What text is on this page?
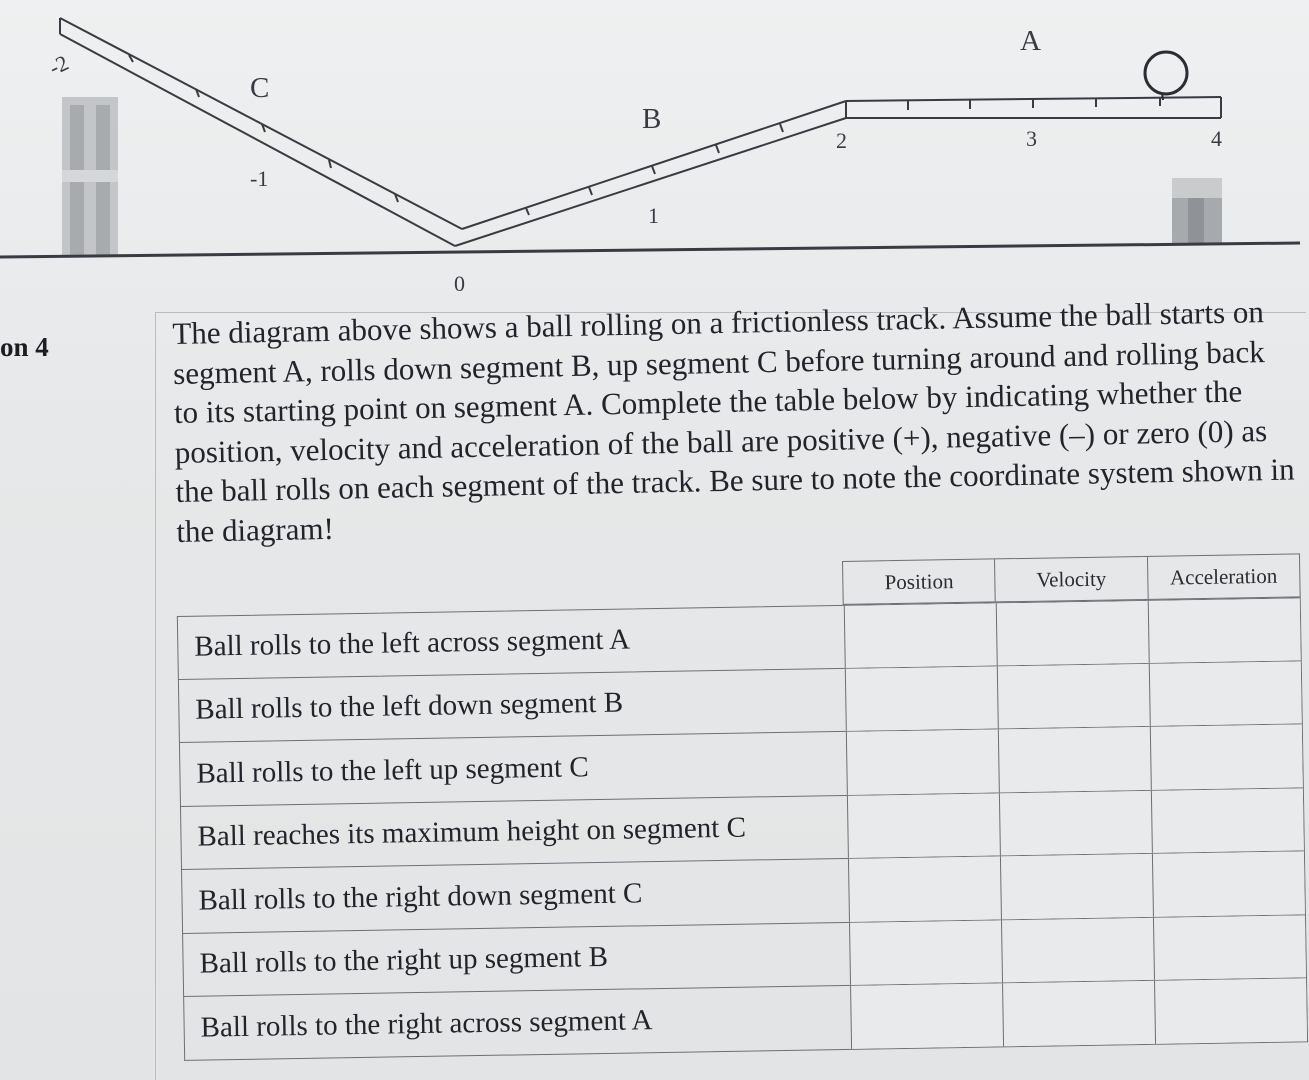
A
B
C
-2
-1
0
1
2	3	4
on 4	The diagram above shows a ball rolling on a frictionless track. Assume the ball starts on segment A, rolls down segment B, up segment C before turning around and rolling back to its starting point on segment A. Complete the table below by indicating whether the position, velocity and acceleration of the ball are positive (+), negative (–) or zero (0) as the ball rolls on each segment of the track. Be sure to note the coordinate system shown in the diagram!

Position	Velocity	Acceleration
Ball rolls to the left across segment A
Ball rolls to the left down segment B
Ball rolls to the left up segment C
Ball reaches its maximum height on segment C
Ball rolls to the right down segment C
Ball rolls to the right up segment B
Ball rolls to the right across segment A
